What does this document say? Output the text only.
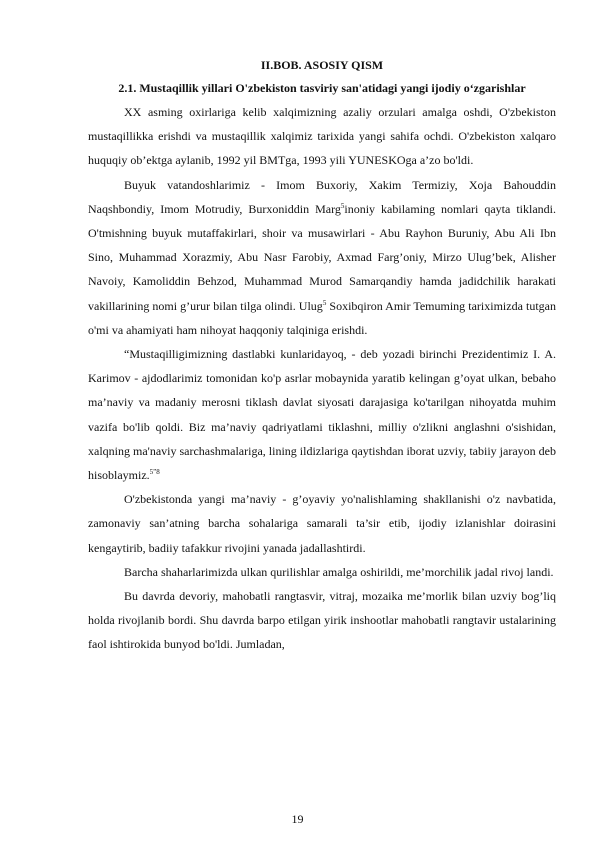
II.BOB. ASOSIY QISM

2.1. Mustaqillik yillari O'zbekiston tasviriy san'atidagi yangi ijodiy o‘zgarishlar

XX asming oxirlariga kelib xalqimizning azaliy orzulari amalga oshdi, O'zbekiston mustaqillikka erishdi va mustaqillik xalqimiz tarixida yangi sahifa ochdi. O'zbekiston xalqaro huquqiy ob’ektga aylanib, 1992 yil BMTga, 1993 yili YUNESKOga a’zo bo'ldi.

Buyuk vatandoshlarimiz - Imom Buxoriy, Xakim Termiziy, Xoja Bahouddin Naqshbondiy, Imom Motrudiy, Burxoniddin Marg$^5$inoniy kabilaming nomlari qayta tiklandi. O'tmishning buyuk mutaffakirlari, shoir va musawirlari - Abu Rayhon Buruniy, Abu Ali Ibn Sino, Muhammad Xorazmiy, Abu Nasr Farobiy, Axmad Farg’oniy, Mirzo Ulug’bek, Alisher Navoiy, Kamoliddin Behzod, Muhammad Murod Samarqandiy hamda jadidchilik harakati vakillarining nomi g’urur bilan tilga olindi. Ulug$^5$ Soxibqiron Amir Temuming tariximizda tutgan o'mi va ahamiyati ham nihoyat haqqoniy talqiniga erishdi.

“Mustaqilligimizning dastlabki kunlaridayoq, - deb yozadi birinchi Prezidentimiz I. A. Karimov - ajdodlarimiz tomonidan ko'p asrlar mobaynida yaratib kelingan g’oyat ulkan, bebaho ma’naviy va madaniy merosni tiklash davlat siyosati darajasiga ko'tarilgan nihoyatda muhim vazifa bo'lib qoldi. Biz ma’naviy qadriyatlami tiklashni, milliy o'zlikni anglashni o'sishidan, xalqning ma'naviy sarchashmalariga, lining ildizlariga qaytishdan iborat uzviy, tabiiy jarayon deb hisoblaymiz.$^{5”8}$

O'zbekistonda yangi ma’naviy - g’oyaviy yo'nalishlaming shakllanishi o'z navbatida, zamonaviy san’atning barcha sohalariga samarali ta’sir etib, ijodiy izlanishlar doirasini kengaytirib, badiiy tafakkur rivojini yanada jadallashtirdi.

Barcha shaharlarimizda ulkan qurilishlar amalga oshirildi, me’morchilik jadal rivoj landi.

Bu davrda devoriy, mahobatli rangtasvir, vitraj, mozaika me’morlik bilan uzviy bog’liq holda rivojlanib bordi. Shu davrda barpo etilgan yirik inshootlar mahobatli rangtavir ustalarining faol ishtirokida bunyod bo'ldi. Jumladan,

19
